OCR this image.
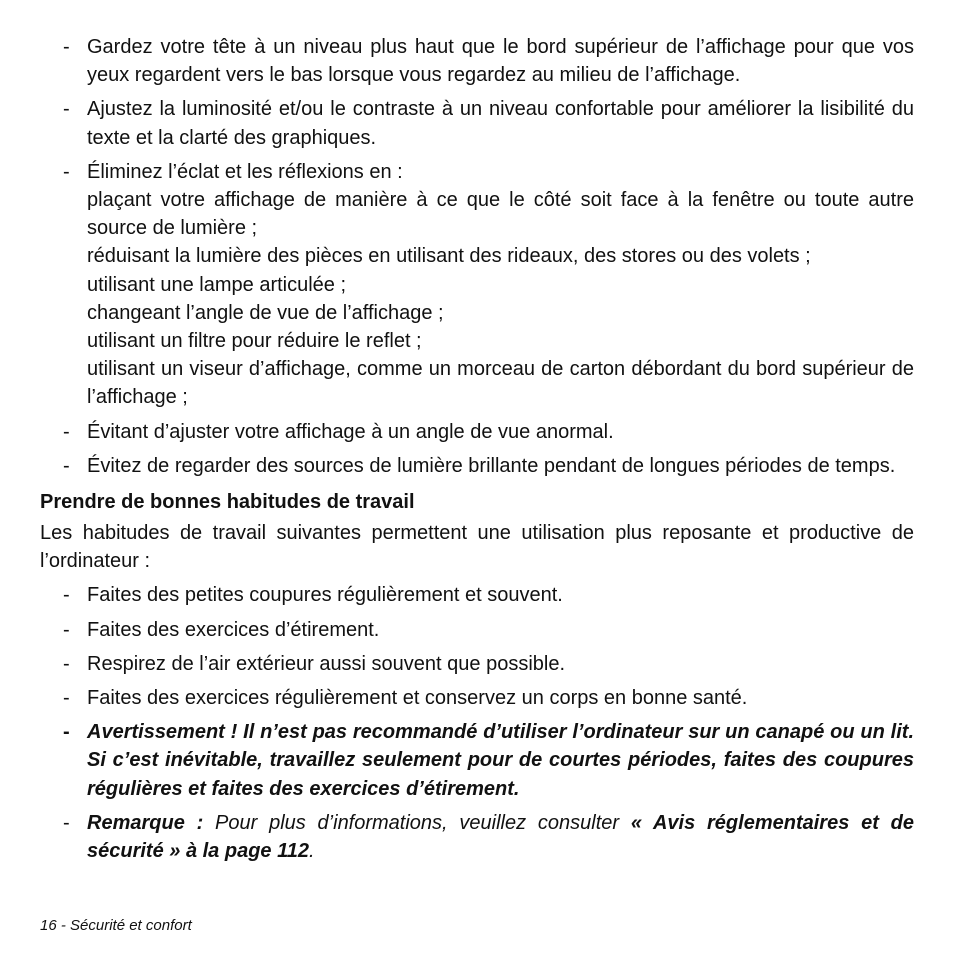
- Gardez votre tête à un niveau plus haut que le bord supérieur de l’affichage pour que vos yeux regardent vers le bas lorsque vous regardez au milieu de l’affichage.

- Ajustez la luminosité et/ou le contraste à un niveau confortable pour améliorer la lisibilité du texte et la clarté des graphiques.

- Éliminez l’éclat et les réflexions en :

plaçant votre affichage de manière à ce que le côté soit face à la fenêtre ou toute autre source de lumière ;

réduisant la lumière des pièces en utilisant des rideaux, des stores ou des volets ;

utilisant une lampe articulée ;

changeant l’angle de vue de l’affichage ;

utilisant un filtre pour réduire le reflet ;

utilisant un viseur d’affichage, comme un morceau de carton débordant du bord supérieur de l’affichage ;

- Évitant d’ajuster votre affichage à un angle de vue anormal.

- Évitez de regarder des sources de lumière brillante pendant de longues périodes de temps.

Prendre de bonnes habitudes de travail
Les habitudes de travail suivantes permettent une utilisation plus reposante et productive de l’ordinateur :
- Faites des petites coupures régulièrement et souvent.

- Faites des exercices d’étirement.

- Respirez de l’air extérieur aussi souvent que possible.

- Faites des exercices régulièrement et conservez un corps en bonne santé.

- Avertissement ! Il n’est pas recommandé d’utiliser l’ordinateur sur un canapé ou un lit. Si c’est inévitable, travaillez seulement pour de courtes périodes, faites des coupures régulières et faites des exercices d’étirement.

- Remarque : Pour plus d’informations, veuillez consulter « Avis réglementaires et de sécurité » à la page 112.

16 - Sécurité et confort
